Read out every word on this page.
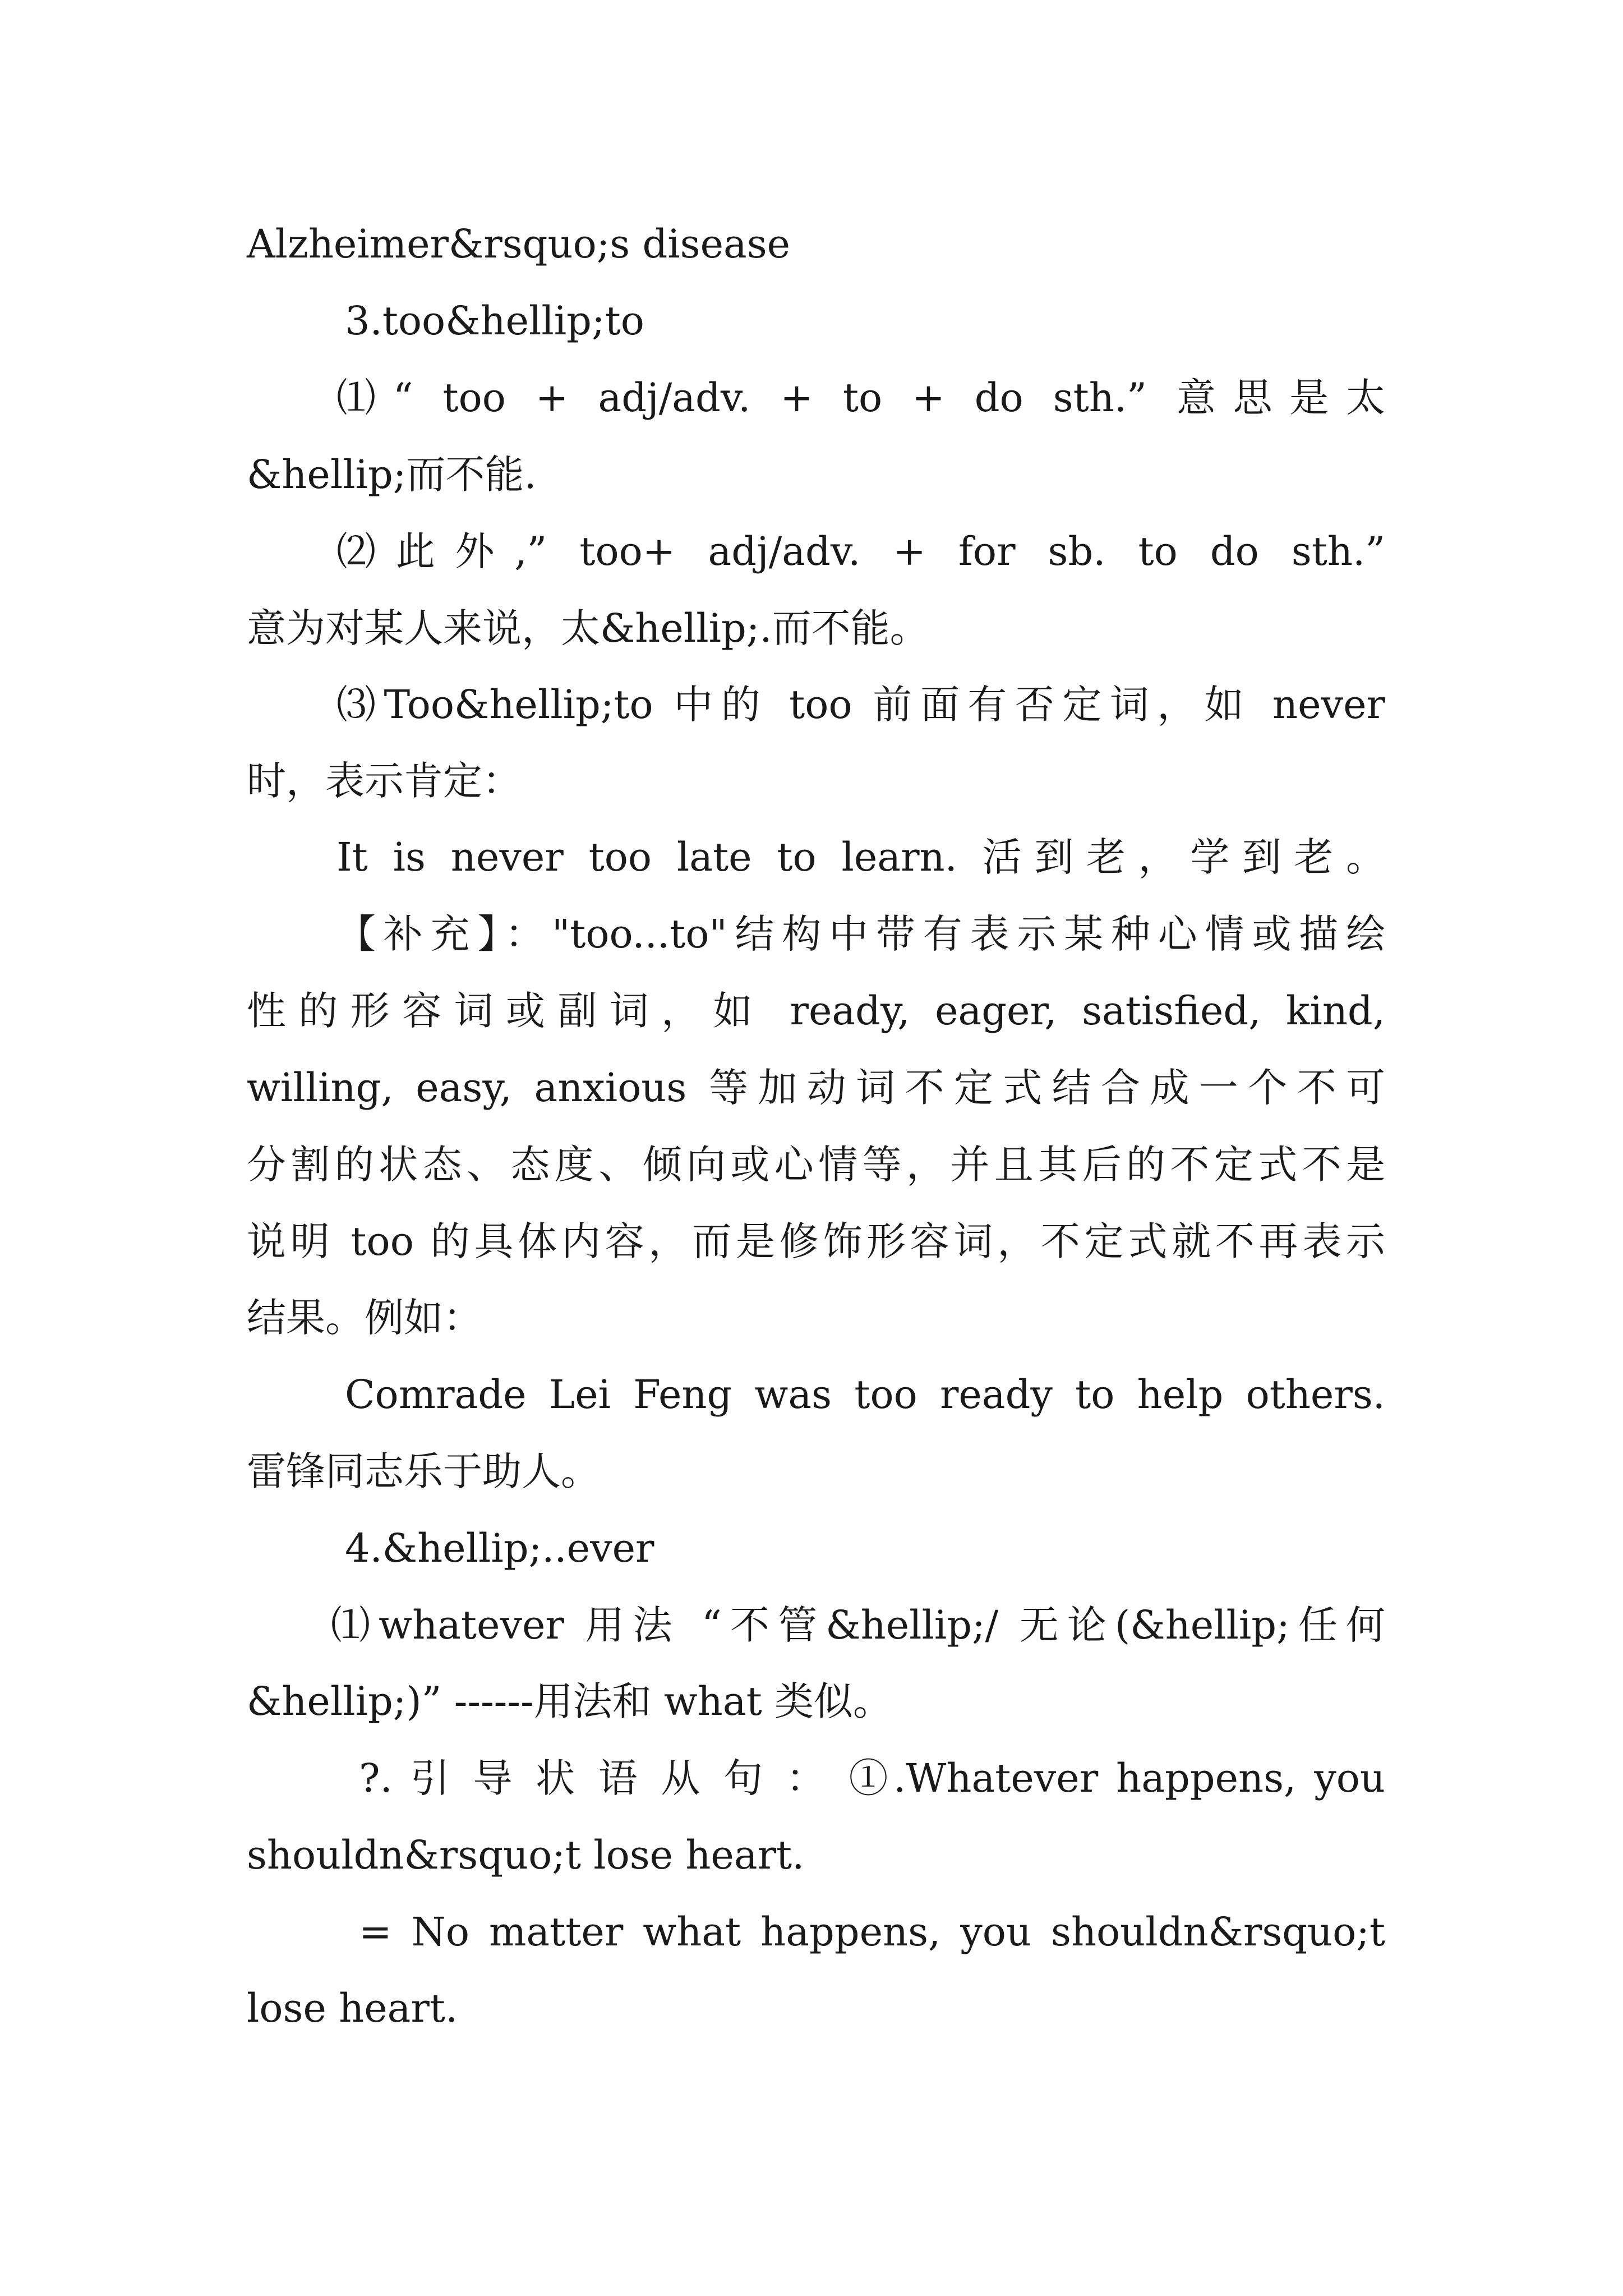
Alzheimer&rsquo;s disease
3.too&hellip;to
⑴“ too + adj/adv. + to + do sth.” 意思是太
&hellip;而不能.
⑵此外,” too+ adj/adv. + for sb. to do sth.”
意为对某人来说，太&hellip;.而不能。
⑶Too&hellip;to 中的 too 前面有否定词，如 never
时，表示肯定：
It is never too late to learn. 活到老，学到老。
【补充】："too...to"结构中带有表示某种心情或描绘
性的形容词或副词，如 ready, eager, satisfied, kind,
willing, easy, anxious 等加动词不定式结合成一个不可
分割的状态、态度、倾向或心情等，并且其后的不定式不是
说明 too 的具体内容，而是修饰形容词，不定式就不再表示
结果。例如：
Comrade Lei Feng was too ready to help others.
雷锋同志乐于助人。
4.&hellip;..ever
⑴whatever 用法 “不管&hellip;/ 无论(&hellip;任何
&hellip;)” ------用法和 what 类似。
?. 引 导 状 语 从 句 ： ①.Whatever happens, you
shouldn&rsquo;t lose heart.
= No matter what happens, you shouldn&rsquo;t
lose heart.
